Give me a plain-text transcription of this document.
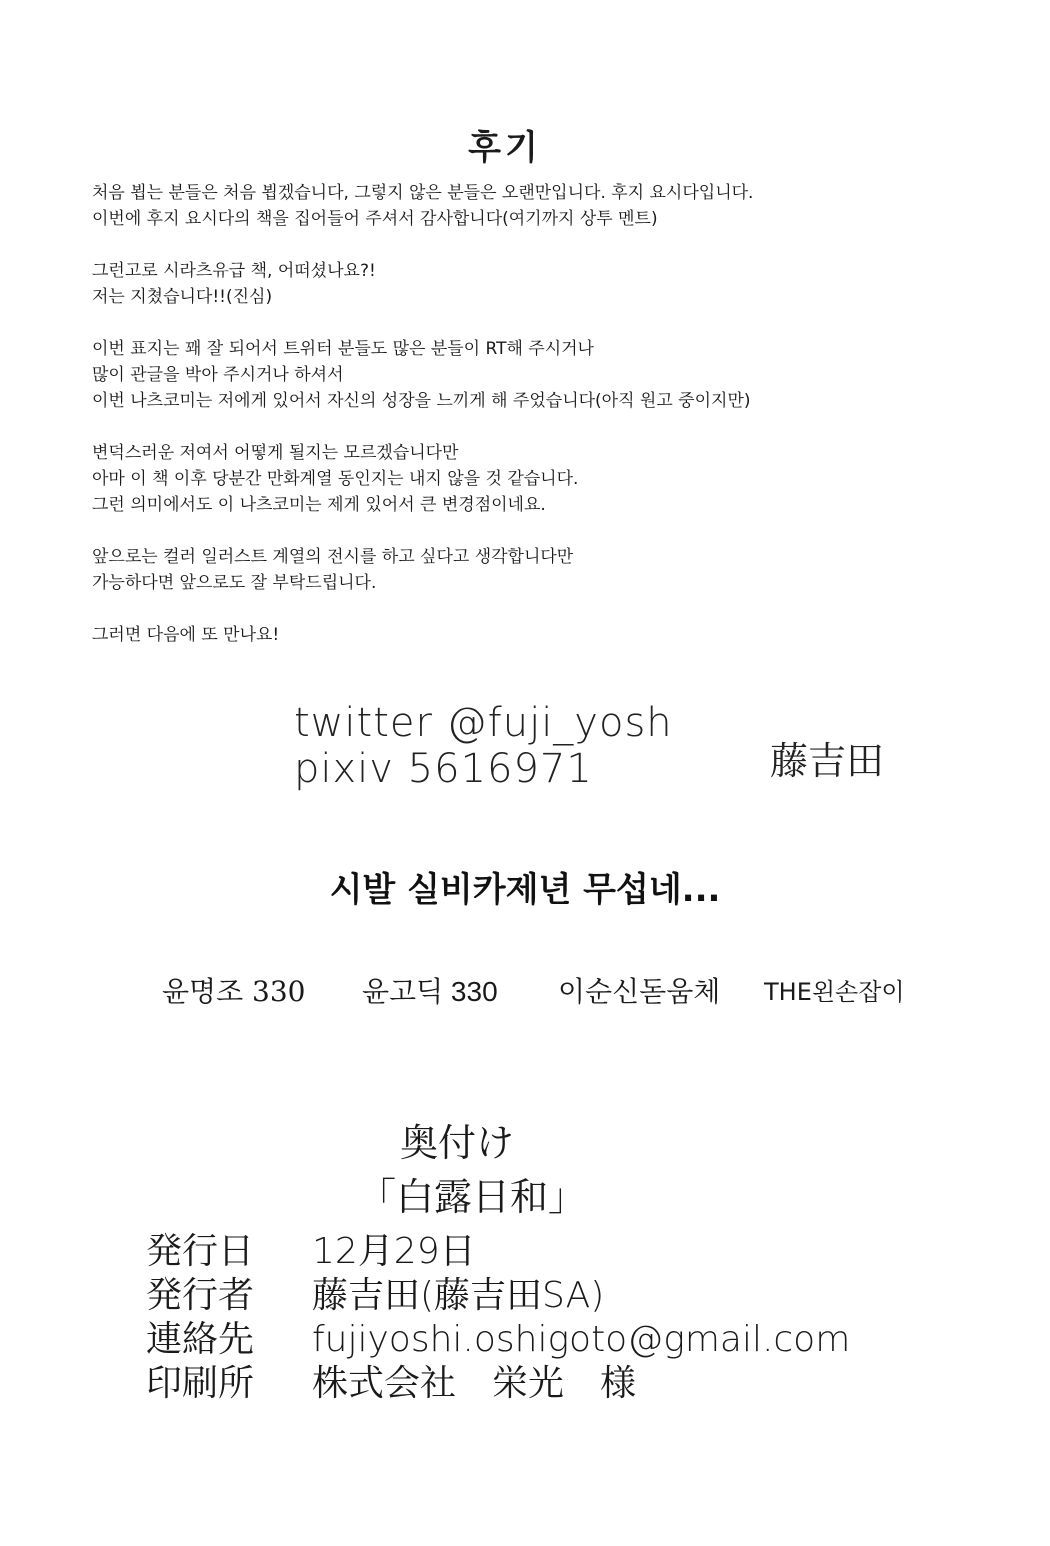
후기

처음 뵙는 분들은 처음 뵙겠습니다, 그렇지 않은 분들은 오랜만입니다. 후지 요시다입니다.
이번에 후지 요시다의 책을 집어들어 주셔서 감사합니다(여기까지 상투 멘트)

그런고로 시라츠유급 책, 어떠셨나요?!
저는 지쳤습니다!!(진심)

이번 표지는 꽤 잘 되어서 트위터 분들도 많은 분들이 RT해 주시거나
많이 관글을 박아 주시거나 하셔서
이번 나츠코미는 저에게 있어서 자신의 성장을 느끼게 해 주었습니다(아직 원고 중이지만)

변덕스러운 저여서 어떻게 될지는 모르겠습니다만
아마 이 책 이후 당분간 만화계열 동인지는 내지 않을 것 같습니다.
그런 의미에서도 이 나츠코미는 제게 있어서 큰 변경점이네요.

앞으로는 컬러 일러스트 계열의 전시를 하고 싶다고 생각합니다만
가능하다면 앞으로도 잘 부탁드립니다.

그러면 다음에 또 만나요!

twitter @fuji_yosh
pixiv 5616971	藤吉田
시발 실비카제년 무섭네...
윤명조 330 윤고딕 330 이순신돋움체 THE왼손잡이
奥付け
「白露日和」
発行日 12月29日
発行者 藤吉田(藤吉田SA)
連絡先 fujiyoshi.oshigoto@gmail.com
印刷所 株式会社　栄光　様
